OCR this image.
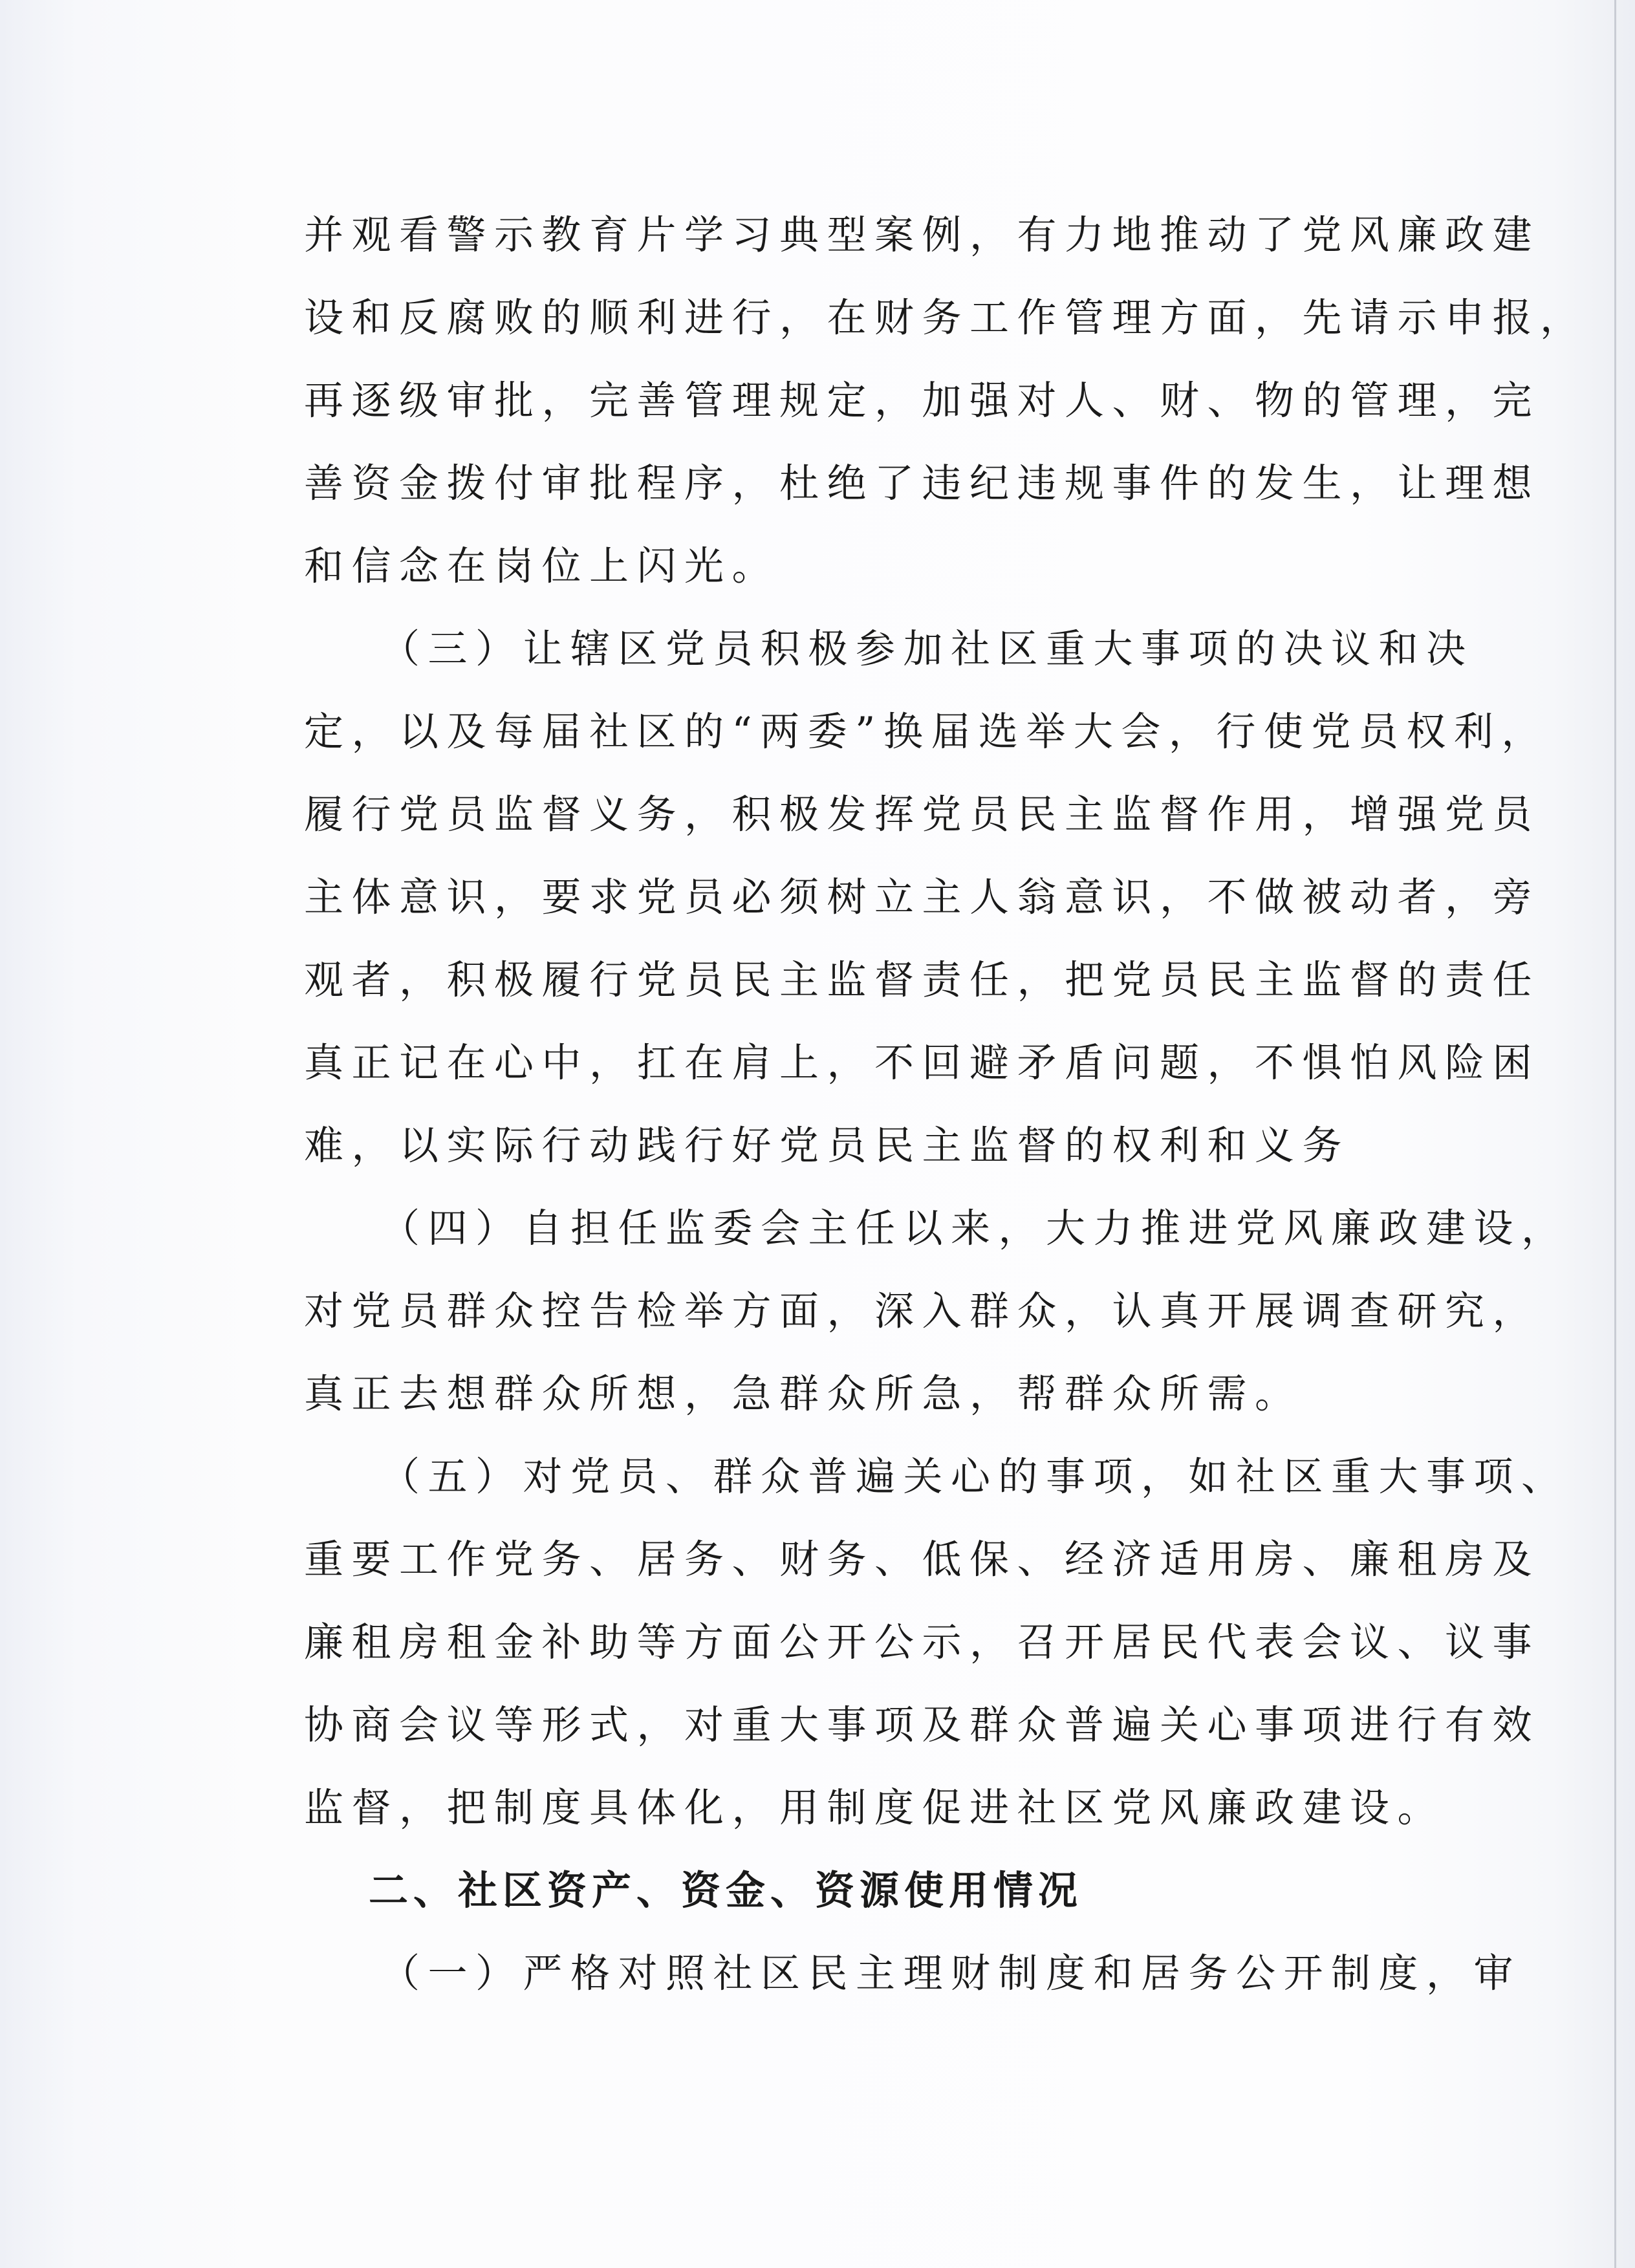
并观看警示教育片学习典型案例，有力地推动了党风廉政建
设和反腐败的顺利进行，在财务工作管理方面，先请示申报，
再逐级审批，完善管理规定，加强对人、财、物的管理，完
善资金拨付审批程序，杜绝了违纪违规事件的发生，让理想
和信念在岗位上闪光。
（三）让辖区党员积极参加社区重大事项的决议和决
定，以及每届社区的“两委”换届选举大会，行使党员权利，
履行党员监督义务，积极发挥党员民主监督作用，增强党员
主体意识，要求党员必须树立主人翁意识，不做被动者，旁
观者，积极履行党员民主监督责任，把党员民主监督的责任
真正记在心中，扛在肩上，不回避矛盾问题，不惧怕风险困
难，以实际行动践行好党员民主监督的权利和义务
（四）自担任监委会主任以来，大力推进党风廉政建设，
对党员群众控告检举方面，深入群众，认真开展调查研究，
真正去想群众所想，急群众所急，帮群众所需。
（五）对党员、群众普遍关心的事项，如社区重大事项、
重要工作党务、居务、财务、低保、经济适用房、廉租房及
廉租房租金补助等方面公开公示，召开居民代表会议、议事
协商会议等形式，对重大事项及群众普遍关心事项进行有效
监督，把制度具体化，用制度促进社区党风廉政建设。
二、社区资产、资金、资源使用情况
（一）严格对照社区民主理财制度和居务公开制度，审
